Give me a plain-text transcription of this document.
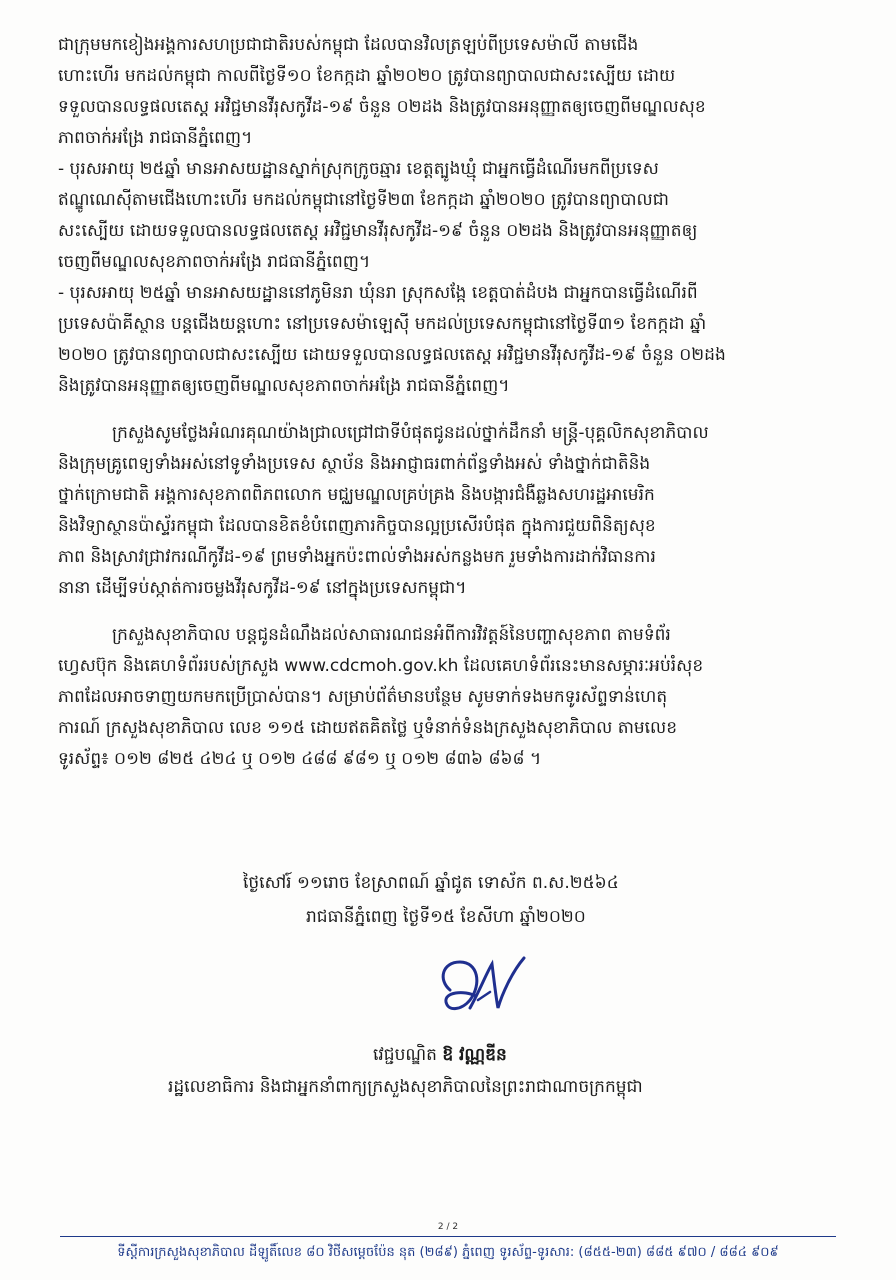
ជាក្រុមមកខៀងអង្គការសហប្រជាជាតិរបស់កម្ពុជា ដែលបានវិលត្រឡប់ពីប្រទេសម៉ាលី តាមជើង
ហោះហើរ មកដល់កម្ពុជា កាលពីថ្ងៃទី១០ ខែកក្កដា ឆ្នាំ២០២០ ត្រូវបានព្យាបាលជាសះស្បើយ ដោយ
ទទួលបានលទ្ធផលតេស្ត អវិជ្ជមានវីរុសកូវីដ-១៩ ចំនួន ០២ដង និងត្រូវបានអនុញ្ញាតឲ្យចេញពីមណ្ឌលសុខ
ភាពចាក់អង្រែ រាជធានីភ្នំពេញ។
- បុរសអាយុ ២៥ឆ្នាំ មានអាសយដ្ឋានស្នាក់ស្រុកក្រូចឆ្មារ ខេត្តត្បូងឃ្មុំ ជាអ្នកធ្វើដំណើរមកពីប្រទេស
ឥណ្ឌូណេស៊ីតាមជើងហោះហើរ មកដល់កម្ពុជានៅថ្ងៃទី២៣ ខែកក្កដា ឆ្នាំ២០២០ ត្រូវបានព្យាបាលជា
សះស្បើយ ដោយទទួលបានលទ្ធផលតេស្ត អវិជ្ជមានវីរុសកូវីដ-១៩ ចំនួន ០២ដង និងត្រូវបានអនុញ្ញាតឲ្យ
ចេញពីមណ្ឌលសុខភាពចាក់អង្រែ រាជធានីភ្នំពេញ។
- បុរសអាយុ ២៥ឆ្នាំ មានអាសយដ្ឋាននៅភូមិនរា ឃុំនរា ស្រុកសង្កែ ខេត្តបាត់ដំបង ជាអ្នកបានធ្វើដំណើរពី
ប្រទេសប៉ាគីស្ថាន បន្តជើងយន្តហោះ នៅប្រទេសម៉ាឡេស៊ី មកដល់ប្រទេសកម្ពុជានៅថ្ងៃទី៣១ ខែកក្កដា ឆ្នាំ
២០២០ ត្រូវបានព្យាបាលជាសះស្បើយ ដោយទទួលបានលទ្ធផលតេស្ត អវិជ្ជមានវីរុសកូវីដ-១៩ ចំនួន ០២ដង
និងត្រូវបានអនុញ្ញាតឲ្យចេញពីមណ្ឌលសុខភាពចាក់អង្រែ រាជធានីភ្នំពេញ។
ក្រសួងសូមថ្លែងអំណរគុណយ៉ាងជ្រាលជ្រៅជាទីបំផុតជូនដល់ថ្នាក់ដឹកនាំ មន្ត្រី-បុគ្គលិកសុខាភិបាល
និងក្រុមគ្រូពេទ្យទាំងអស់នៅទូទាំងប្រទេស ស្ថាប័ន និងអាជ្ញាធរពាក់ព័ន្ធទាំងអស់ ទាំងថ្នាក់ជាតិនិង
ថ្នាក់ក្រោមជាតិ អង្គការសុខភាពពិភពលោក មជ្ឈមណ្ឌលគ្រប់គ្រង និងបង្ការជំងឺឆ្លងសហរដ្ឋអាមេរិក
និងវិទ្យាស្ថានប៉ាស្ទ័រកម្ពុជា ដែលបានខិតខំបំពេញភារកិច្ចបានល្អប្រសើរបំផុត ក្នុងការជួយពិនិត្យសុខ
ភាព និងស្រាវជ្រាវករណីកូវីដ-១៩ ព្រមទាំងអ្នកប៉ះពាល់ទាំងអស់កន្លងមក រួមទាំងការដាក់វិធានការ
នានា ដើម្បីទប់ស្កាត់ការចម្លងវីរុសកូវីដ-១៩ នៅក្នុងប្រទេសកម្ពុជា។
ក្រសួងសុខាភិបាល បន្តជូនដំណឹងដល់សាធារណជនអំពីការវិវត្តន៍នៃបញ្ហាសុខភាព តាមទំព័រ
ហ្វេសប៊ុក និងគេហទំព័ររបស់ក្រសួង www.cdcmoh.gov.kh ដែលគេហទំព័រនេះមានសម្ភារៈអប់រំសុខ
ភាពដែលអាចទាញយកមកប្រើប្រាស់បាន។ សម្រាប់ព័ត៌មានបន្ថែម សូមទាក់ទងមកទូរស័ព្ទទាន់ហេតុ
ការណ៍ ក្រសួងសុខាភិបាល លេខ ១១៥ ដោយឥតគិតថ្លៃ ឬទំនាក់ទំនងក្រសួងសុខាភិបាល តាមលេខ
ទូរស័ព្ទ៖ ០១២ ៨២៥ ៤២៤ ឬ ០១២ ៤៨៨ ៩៨១ ឬ ០១២ ៨៣៦ ៨៦៨ ។
ថ្ងៃសៅរ៍ ១១រោច ខែស្រាពណ៍ ឆ្នាំជូត ទោស័ក ព.ស.២៥៦៤
រាជធានីភ្នំពេញ ថ្ងៃទី១៥ ខែសីហា ឆ្នាំ២០២០
វេជ្ជបណ្ឌិត ឱ វណ្ណឌីន
រដ្ឋលេខាធិការ និងជាអ្នកនាំពាក្យក្រសួងសុខាភិបាលនៃព្រះរាជាណាចក្រកម្ពុជា
2 / 2
ទីស្តីការក្រសួងសុខាភិបាល ដីឡូតិ៍លេខ ៨០ វិថីសម្តេចប៉ែន នុត (២៨៩) ភ្នំពេញ ទូរស័ព្ទ-ទូរសារ: (៨៥៥-២៣) ៨៨៥ ៩៧០ / ៨៨៤ ៩០៩
